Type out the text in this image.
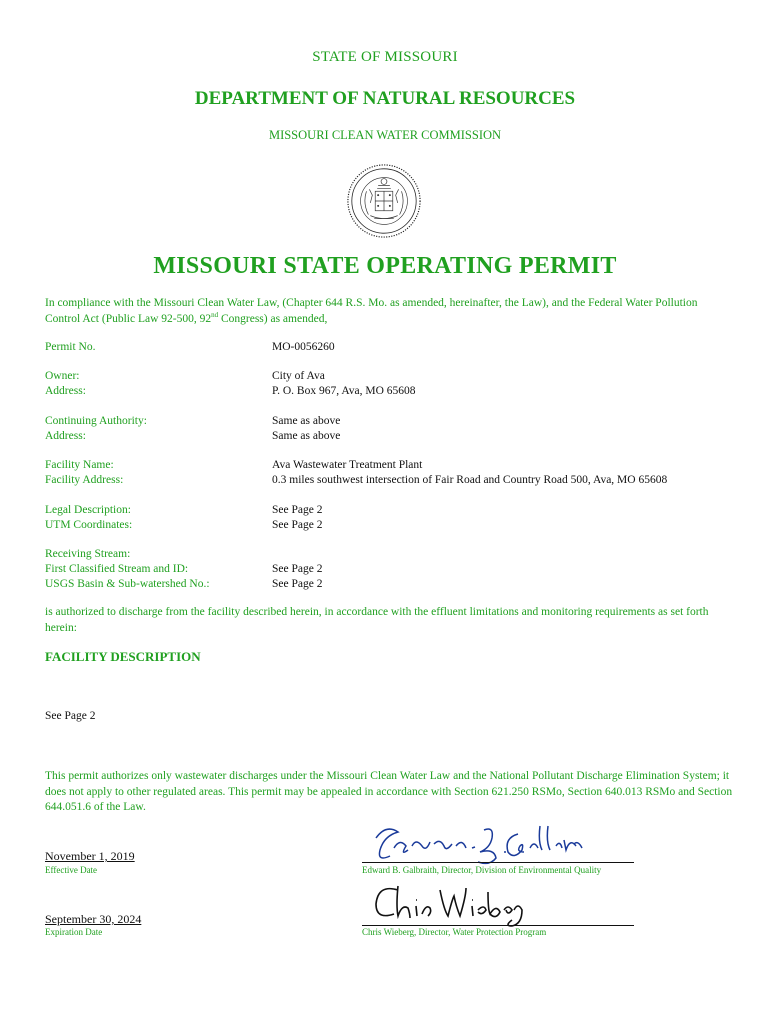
STATE OF MISSOURI
DEPARTMENT OF NATURAL RESOURCES
MISSOURI CLEAN WATER COMMISSION
MISSOURI STATE OPERATING PERMIT
In compliance with the Missouri Clean Water Law, (Chapter 644 R.S. Mo. as amended, hereinafter, the Law), and the Federal Water Pollution Control Act (Public Law 92-500, 92nd Congress) as amended,
Permit No.	MO-0056260
Owner:	City of Ava
Address:	P. O. Box 967, Ava, MO 65608
Continuing Authority:	Same as above
Address:	Same as above
Facility Name:	Ava Wastewater Treatment Plant
Facility Address:	0.3 miles southwest intersection of Fair Road and Country Road 500, Ava, MO 65608
Legal Description:	See Page 2
UTM Coordinates:	See Page 2
Receiving Stream:
First Classified Stream and ID:	See Page 2
USGS Basin & Sub-watershed No.:	See Page 2
is authorized to discharge from the facility described herein, in accordance with the effluent limitations and monitoring requirements as set forth herein:
FACILITY DESCRIPTION
See Page 2
This permit authorizes only wastewater discharges under the Missouri Clean Water Law and the National Pollutant Discharge Elimination System; it does not apply to other regulated areas. This permit may be appealed in accordance with Section 621.250 RSMo, Section 640.013 RSMo and Section 644.051.6 of the Law.
November 1, 2019
Effective Date	Edward B. Galbraith, Director, Division of Environmental Quality
September 30, 2024
Expiration Date	Chris Wieberg, Director, Water Protection Program
